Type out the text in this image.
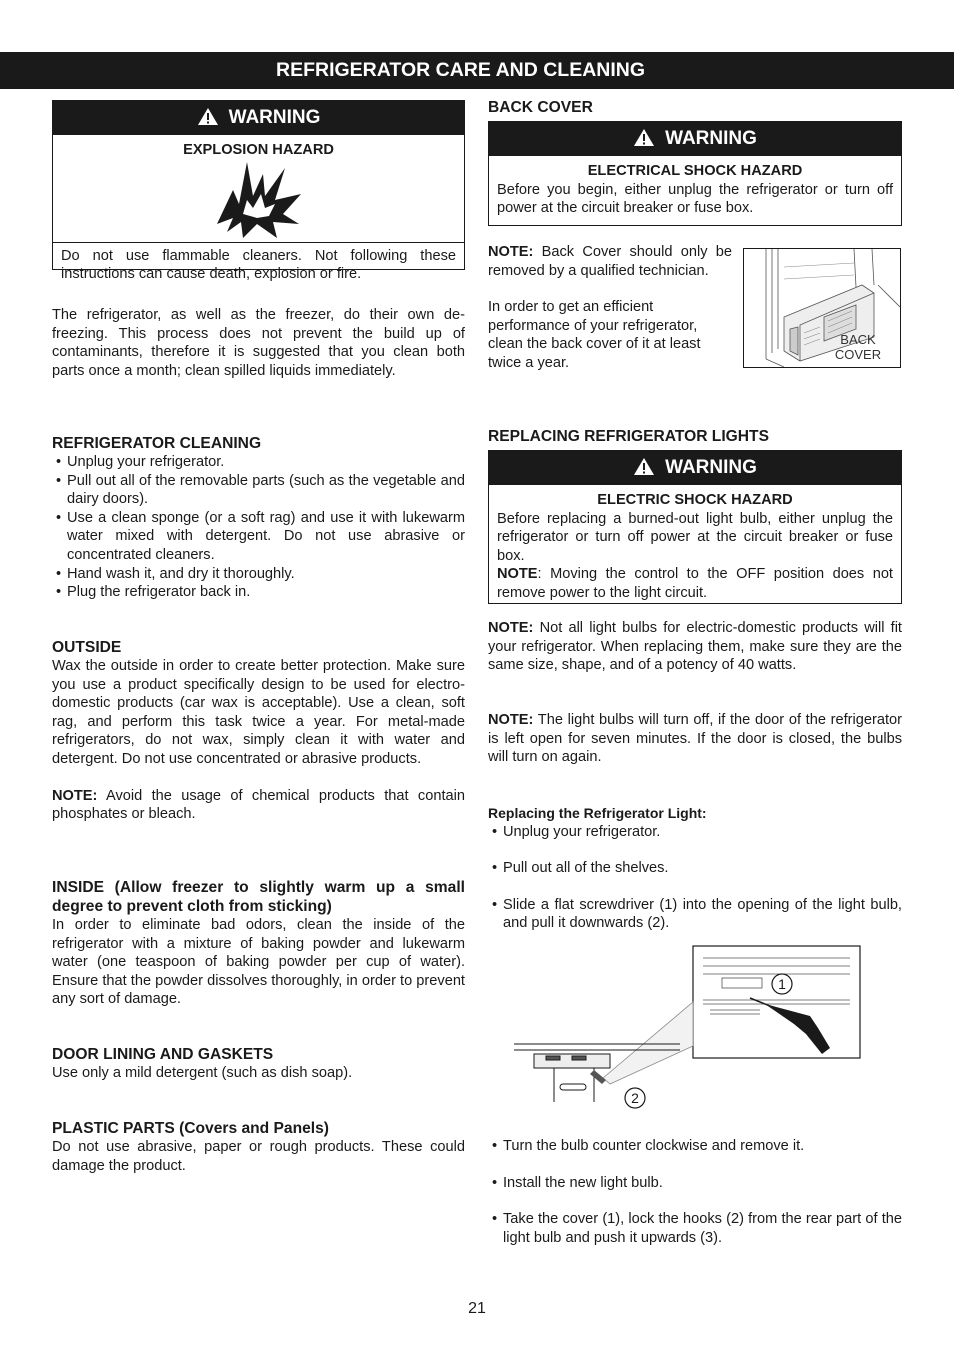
REFRIGERATOR CARE AND CLEANING
WARNING
EXPLOSION HAZARD
Do not use flammable cleaners. Not following these instructions can cause death, explosion or fire.

The refrigerator, as well as the freezer, do their own de-freezing. This process does not prevent the build up of contaminants, therefore it is suggested that you clean both parts once a month; clean spilled liquids immediately.

REFRIGERATOR CLEANING
• Unplug your refrigerator.
• Pull out all of the removable parts (such as the vegetable and dairy doors).
• Use a clean sponge (or a soft rag) and use it with lukewarm water mixed with detergent. Do not use abrasive or concentrated cleaners.
• Hand wash it, and dry it thoroughly.
• Plug the refrigerator back in.
OUTSIDE

Wax the outside in order to create better protection. Make sure you use a product specifically design to be used for electro-domestic products (car wax is acceptable). Use a clean, soft rag, and perform this task twice a year. For metal-made refrigerators, do not wax, simply clean it with water and detergent. Do not use concentrated or abrasive products.

NOTE: Avoid the usage of chemical products that contain phosphates or bleach.

INSIDE (Allow freezer to slightly warm up a small degree to prevent cloth from sticking)

In order to eliminate bad odors, clean the inside of the refrigerator with a mixture of baking powder and lukewarm water (one teaspoon of baking powder per cup of water). Ensure that the powder dissolves thoroughly, in order to prevent any sort of damage.

DOOR LINING AND GASKETS

Use only a mild detergent (such as dish soap).

PLASTIC PARTS (Covers and Panels)

Do not use abrasive, paper or rough products. These could damage the product.

BACK COVER
WARNING
ELECTRICAL SHOCK HAZARD
Before you begin, either unplug the refrigerator or turn off power at the circuit breaker or fuse box.

NOTE: Back Cover should only be removed by a qualified technician.

In order to get an efficient performance of your refrigerator, clean the back cover of it at least twice a year.

BACK
COVER
REPLACING REFRIGERATOR LIGHTS
WARNING
ELECTRIC SHOCK HAZARD
Before replacing a burned-out light bulb, either unplug the refrigerator or turn off power at the circuit breaker or fuse box.
NOTE: Moving the control to the OFF position does not remove power to the light circuit.

NOTE: Not all light bulbs for electric-domestic products will fit your refrigerator. When replacing them, make sure they are the same size, shape, and of a potency of 40 watts.

NOTE: The light bulbs will turn off, if the door of the refrigerator is left open for seven minutes. If the door is closed, the bulbs will turn on again.

Replacing the Refrigerator Light:
• Unplug your refrigerator.
• Pull out all of the shelves.
• Slide a flat screwdriver (1) into the opening of the light bulb, and pull it downwards (2).
1
2
• Turn the bulb counter clockwise and remove it.
• Install the new light bulb.
• Take the cover (1), lock the hooks (2) from the rear part of the light bulb and push it upwards (3).
21
